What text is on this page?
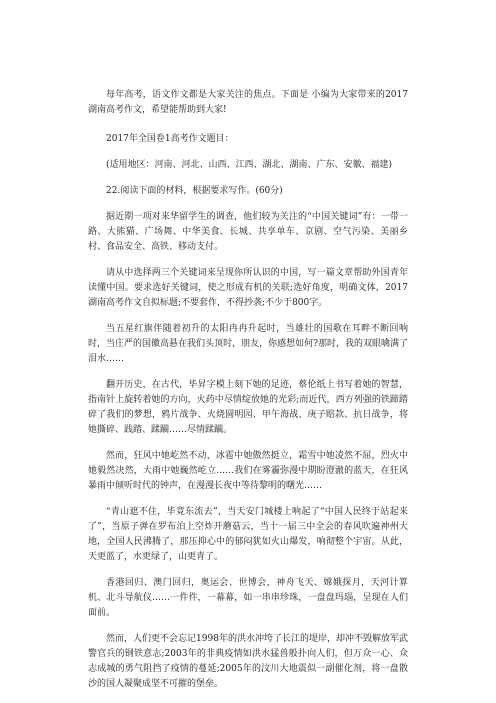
每年高考，语文作文都是大家关注的焦点。下面是 小编为大家带来的2017湖南高考作文，希望能帮助到大家!

2017年全国卷1高考作文题目：

(适用地区：河南、河北、山西、江西、湖北、湖南、广东、安徽、福建)

22.阅读下面的材料，根据要求写作。(60分)

据近期一项对来华留学生的调查，他们较为关注的“中国关键词”有：一带一路、大熊猫、广场舞、中华美食、长城、共享单车、京剧、空气污染、美丽乡村、食品安全、高铁、移动支付。

请从中选择两三个关键词来呈现你所认识的中国，写一篇文章帮助外国青年读懂中国。要求选好关键词，使之形成有机的关联;选好角度，明确文体，2017湖南高考作文自拟标题;不要套作，不得抄袭;不少于800字。

当五星红旗伴随着初升的太阳冉冉升起时，当雄壮的国歌在耳畔不断回响时，当庄严的国徽高悬在我们头顶时，朋友，你感想如何?那时，我的双眼噙满了泪水……

翻开历史，在古代，毕昇字模上刻下她的足迹，蔡伦纸上书写着她的智慧，指南针上旋转着她的方向，火药中尽情绽放她的光彩;而近代，西方列强的铁蹄踏碎了我们的梦想，鸦片战争、火烧圆明园、甲午海战、庚子赔款、抗日战争，将她撕碎、践踏、蹂躏……尽情蹂躏。

然而，狂风中她屹然不动，冰雹中她傲然挺立，霜雪中她凌然不屈，烈火中她毅然决然，大雨中她巍然屹立……我们在雾霾弥漫中期盼澄澈的蓝天，在狂风暴雨中倾听时代的钟声，在漫漫长夜中等待黎明的曙光……

“青山遮不住，毕竟东流去”，当天安门城楼上响起了“中国人民终于站起来了”，当原子弹在罗布泊上空炸开蘑菇云，当十一届三中全会的春风吹遍神州大地，全国人民沸腾了，那压抑心中的郁闷犹如火山爆发，响彻整个宇宙。从此，天更蓝了，水更绿了，山更青了。

香港回归、澳门回归，奥运会、世博会，神舟飞天、嫦娥探月，天河计算机、北斗导航仪……一件件，一幕幕，如一串串珍珠，一盘盘玛瑙，呈现在人们面前。

然而，人们更不会忘记1998年的洪水冲垮了长江的堤岸，却冲不毁解放军武警官兵的钢铁意志;2003年的非典疫情如洪水猛兽般扑向人们，但万众一心、众志成城的勇气阻挡了疫情的蔓延;2005年的汶川大地震似一副催化剂，将一盘散沙的国人凝聚成坚不可摧的堡垒。
